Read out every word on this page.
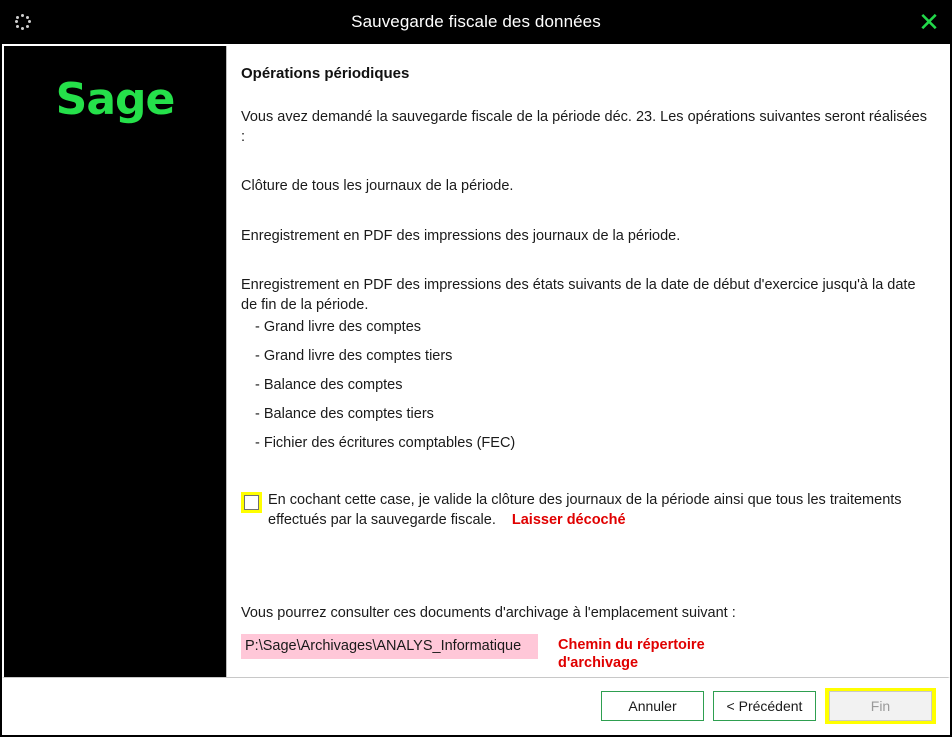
Sauvegarde fiscale des données	✕
Sage
Opérations périodiques
Vous avez demandé la sauvegarde fiscale de la période déc. 23. Les opérations suivantes seront réalisées :
Clôture de tous les journaux de la période.
Enregistrement en PDF des impressions des journaux de la période.
Enregistrement en PDF des impressions des états suivants de la date de début d'exercice jusqu'à la date de fin de la période.
- Grand livre des comptes
- Grand livre des comptes tiers
- Balance des comptes
- Balance des comptes tiers
- Fichier des écritures comptables (FEC)
En cochant cette case, je valide la clôture des journaux de la période ainsi que tous les traitements effectués par la sauvegarde fiscale. Laisser décoché
Vous pourrez consulter ces documents d'archivage à l'emplacement suivant :
P:\Sage\Archivages\ANALYS_Informatique	Chemin du répertoire
d'archivage
Annuler	< Précédent	Fin
